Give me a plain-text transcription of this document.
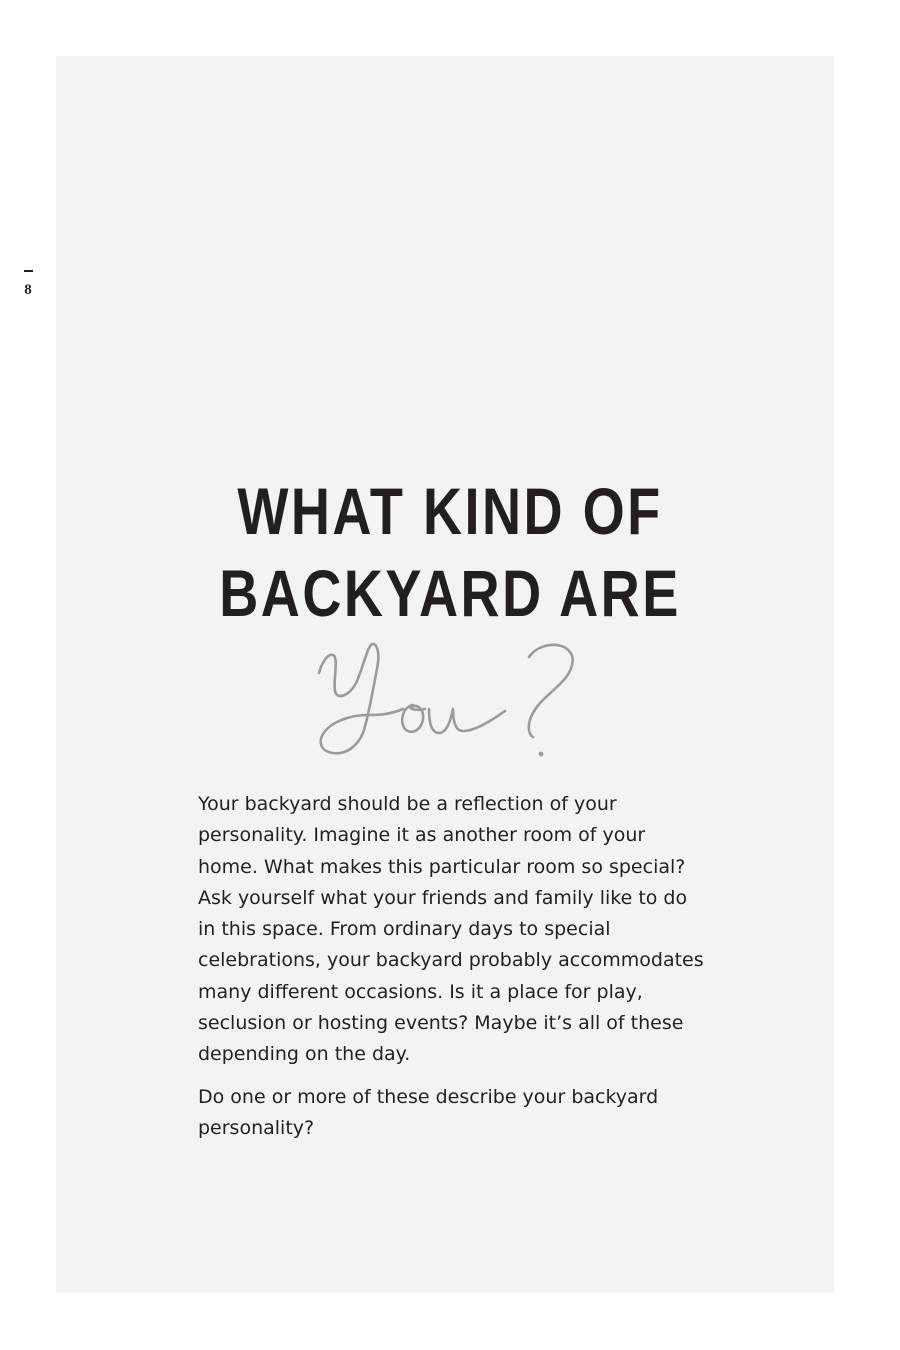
8
WHAT KIND OF
BACKYARD ARE

Your backyard should be a reflection of your personality. Imagine it as another room of your home. What makes this particular room so special? Ask yourself what your friends and family like to do in this space. From ordinary days to special celebrations, your backyard probably accommodates many different occasions. Is it a place for play, seclusion or hosting events? Maybe it’s all of these depending on the day.

Do one or more of these describe your backyard personality?
